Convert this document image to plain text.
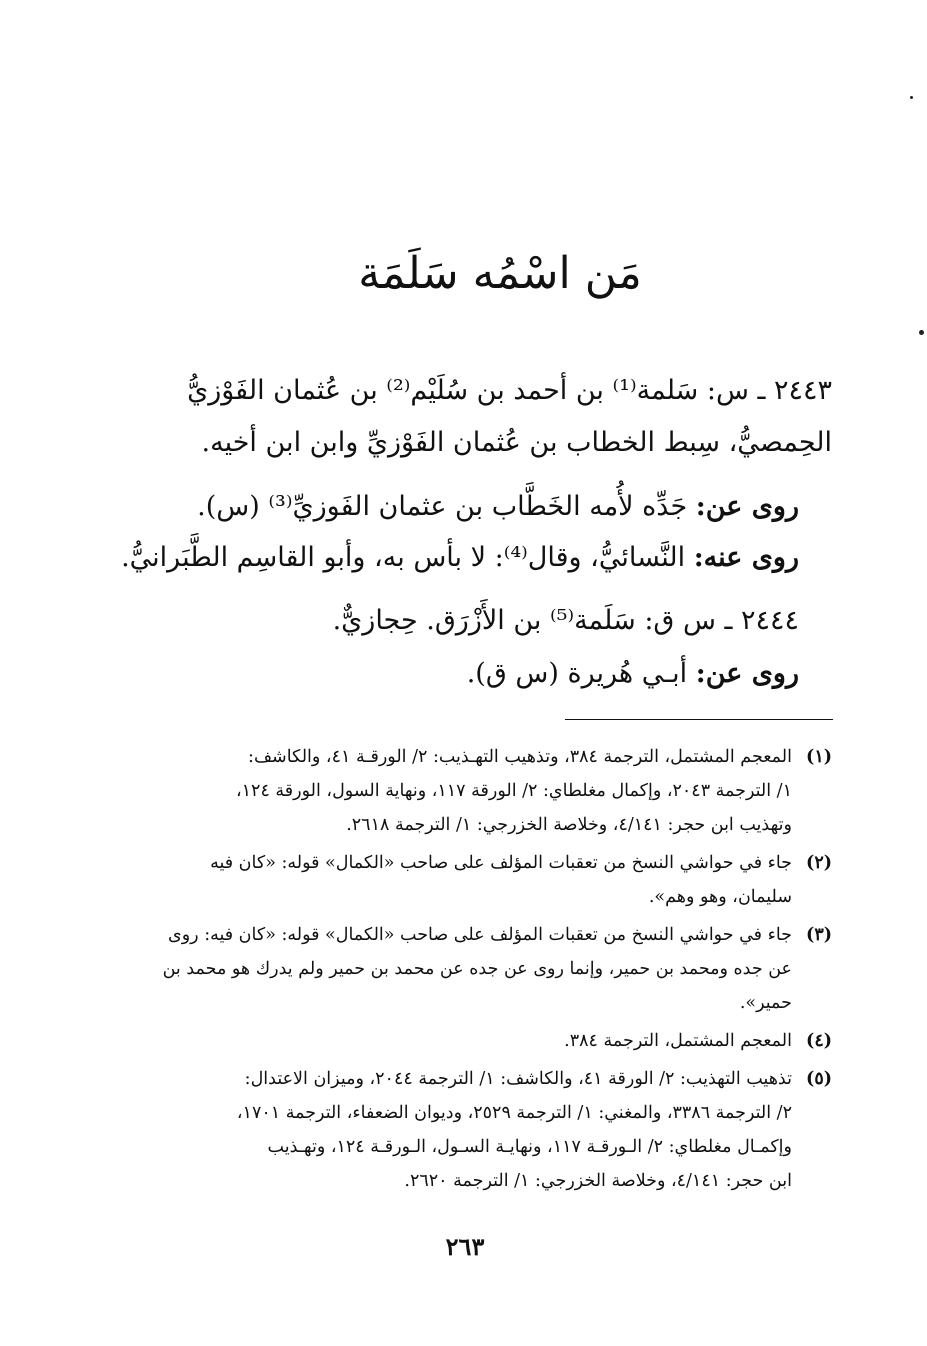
مَن اسْمُه سَلَمَة
٢٤٤٣ ـ س: سَلمة⁽¹⁾ بن أحمد بن سُلَيْم⁽²⁾ بن عُثمان الفَوْزيُّ
الحِمصيُّ، سِبط الخطاب بن عُثمان الفَوْزيِّ وابن ابن أخيه.
روى عن: جَدِّه لأُمه الخَطَّاب بن عثمان الفَوزيِّ⁽³⁾ (س).
روى عنه: النَّسائيُّ، وقال⁽⁴⁾: لا بأس به، وأبو القاسِم الطَّبَرانيُّ.
٢٤٤٤ ـ س ق: سَلَمة⁽⁵⁾ بن الأَزْرَق. حِجازيٌّ.
روى عن: أبـي هُريرة (س ق).
(١)المعجم المشتمل، الترجمة ٣٨٤، وتذهيب التهـذيب: ٢/ الورقـة ٤١، والكاشف:
١/ الترجمة ٢٠٤٣، وإكمال مغلطاي: ٢/ الورقة ١١٧، ونهاية السول، الورقة ١٢٤،
وتهذيب ابن حجر: ٤/١٤١، وخلاصة الخزرجي: ١/ الترجمة ٢٦١٨.
(٢)جاء في حواشي النسخ من تعقبات المؤلف على صاحب «الكمال» قوله: «كان فيه
سليمان، وهو وهم».
(٣)جاء في حواشي النسخ من تعقبات المؤلف على صاحب «الكمال» قوله: «كان فيه: روى
عن جده ومحمد بن حمير، وإنما روى عن جده عن محمد بن حمير ولم يدرك هو محمد بن
حمير».
(٤)المعجم المشتمل، الترجمة ٣٨٤.
(٥)تذهيب التهذيب: ٢/ الورقة ٤١، والكاشف: ١/ الترجمة ٢٠٤٤، وميزان الاعتدال:
٢/ الترجمة ٣٣٨٦، والمغني: ١/ الترجمة ٢٥٢٩، وديوان الضعفاء، الترجمة ١٧٠١،
وإكمـال مغلطاي: ٢/ الـورقـة ١١٧، ونهايـة السـول، الـورقـة ١٢٤، وتهـذيب
ابن حجر: ٤/١٤١، وخلاصة الخزرجي: ١/ الترجمة ٢٦٢٠.
٢٦٣
